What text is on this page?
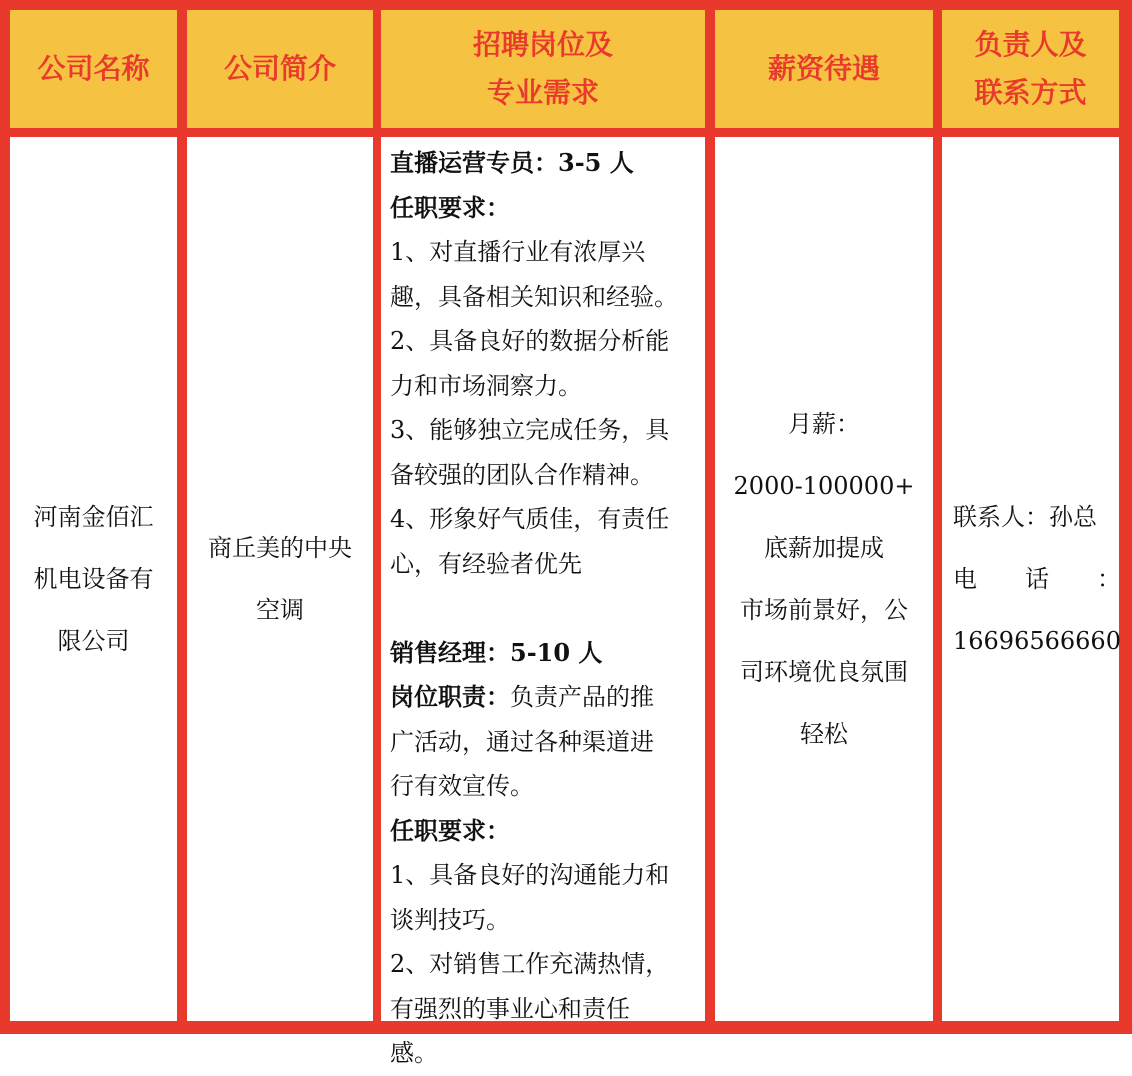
公司名称	公司简介
招聘岗位及
专业需求
薪资待遇
负责人及
联系方式
河南金佰汇
机电设备有
限公司
商丘美的中央
空调
直播运营专员：3-5 人
任职要求：
1、对直播行业有浓厚兴
趣，具备相关知识和经验。
2、具备良好的数据分析能
力和市场洞察力。
3、能够独立完成任务，具
备较强的团队合作精神。
4、形象好气质佳，有责任
心，有经验者优先
销售经理：5-10 人
岗位职责：负责产品的推
广活动，通过各种渠道进
行有效宣传。
任职要求：
1、具备良好的沟通能力和
谈判技巧。
2、对销售工作充满热情，
有强烈的事业心和责任
感。
月薪：
2000-100000+
底薪加提成
市场前景好，公
司环境优良氛围
轻松
联系人：孙总
电　　话　　：
16696566660
